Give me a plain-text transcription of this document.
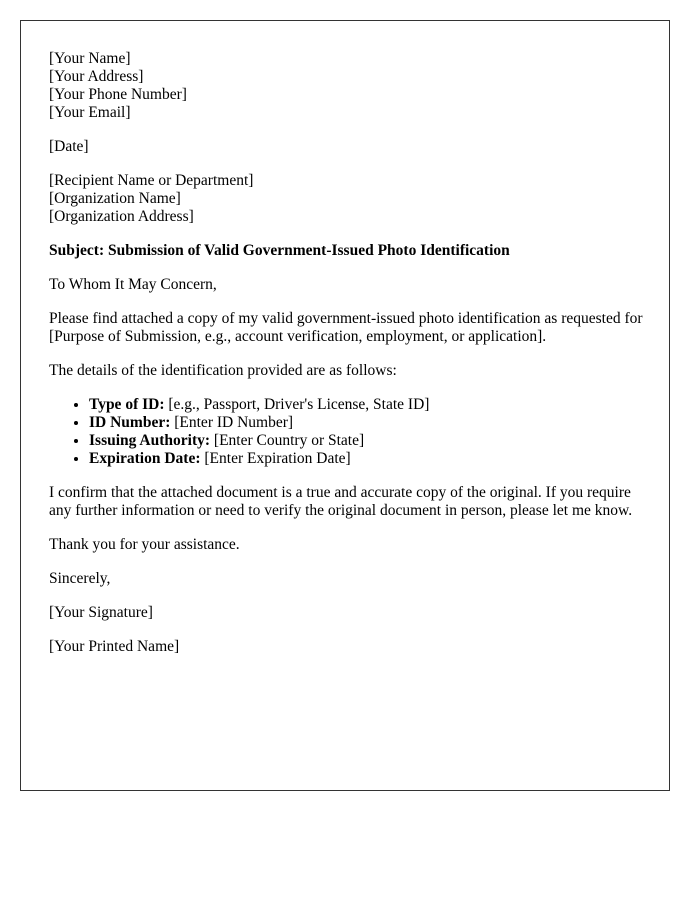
[Your Name]
[Your Address]
[Your Phone Number]
[Your Email]

[Date]

[Recipient Name or Department]
[Organization Name]
[Organization Address]

Subject: Submission of Valid Government-Issued Photo Identification

To Whom It May Concern,

Please find attached a copy of my valid government-issued photo identification as requested for [Purpose of Submission, e.g., account verification, employment, or application].

The details of the identification provided are as follows:

• Type of ID: [e.g., Passport, Driver's License, State ID]
• ID Number: [Enter ID Number]
• Issuing Authority: [Enter Country or State]
• Expiration Date: [Enter Expiration Date]

I confirm that the attached document is a true and accurate copy of the original. If you require any further information or need to verify the original document in person, please let me know.

Thank you for your assistance.

Sincerely,

[Your Signature]

[Your Printed Name]
